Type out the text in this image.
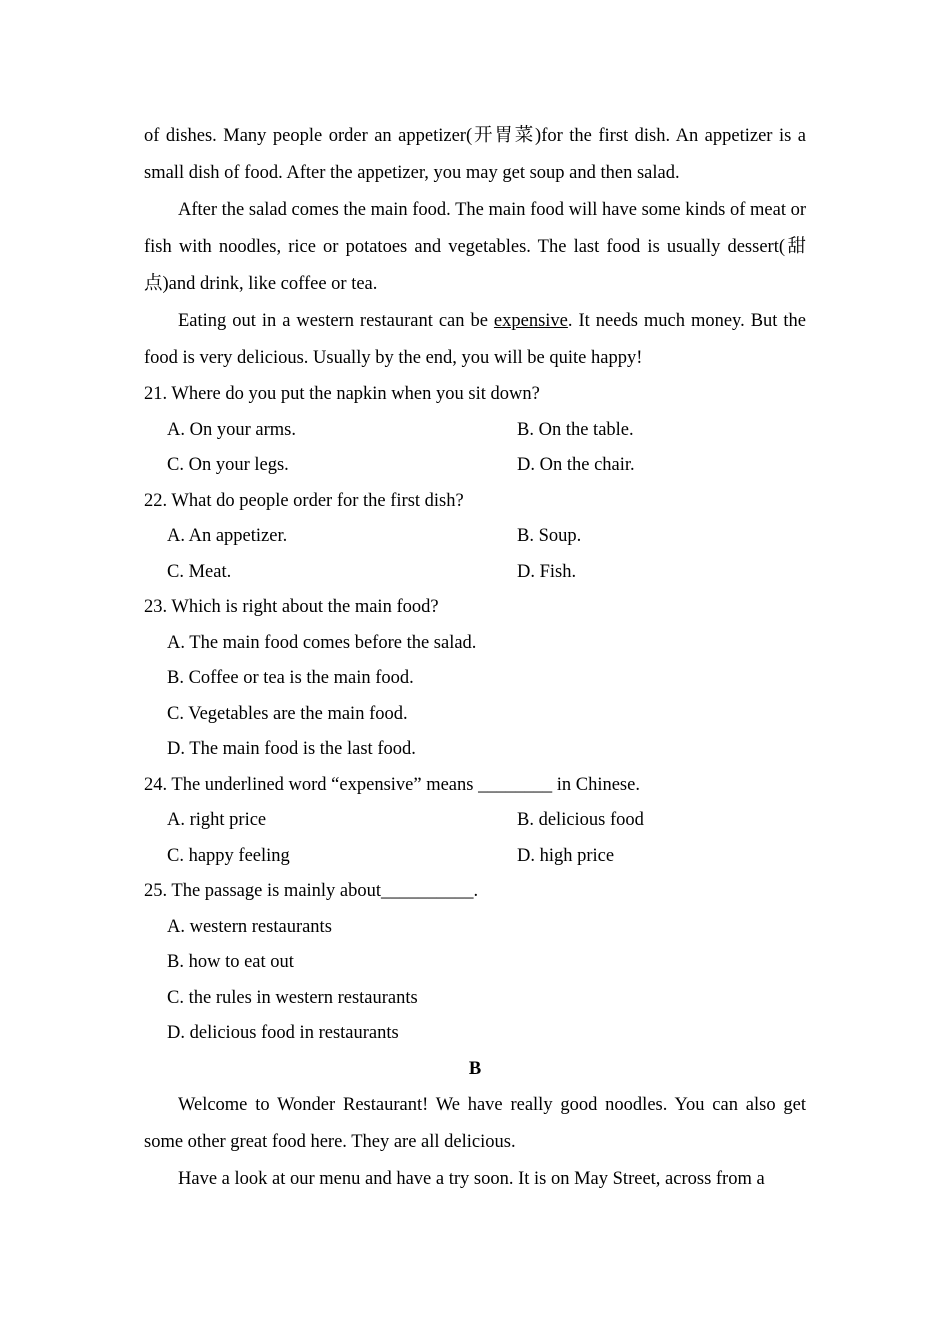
of dishes. Many people order an appetizer(开胃菜)for the first dish. An appetizer is a small dish of food. After the appetizer, you may get soup and then salad.

After the salad comes the main food. The main food will have some kinds of meat or fish with noodles, rice or potatoes and vegetables. The last food is usually dessert(甜点)and drink, like coffee or tea.

Eating out in a western restaurant can be expensive. It needs much money. But the food is very delicious. Usually by the end, you will be quite happy!

21. Where do you put the napkin when you sit down?

A. On your arms.	B. On the table.
C. On your legs.	D. On the chair.

22. What do people order for the first dish?

A. An appetizer.	B. Soup.
C. Meat.	D. Fish.

23. Which is right about the main food?

A. The main food comes before the salad.

B. Coffee or tea is the main food.

C. Vegetables are the main food.

D. The main food is the last food.

24. The underlined word “expensive” means ________ in Chinese.

A. right price	B. delicious food
C. happy feeling	D. high price

25. The passage is mainly about__________.

A. western restaurants

B. how to eat out

C. the rules in western restaurants

D. delicious food in restaurants

B

Welcome to Wonder Restaurant! We have really good noodles. You can also get some other great food here. They are all delicious.

Have a look at our menu and have a try soon. It is on May Street, across from a
